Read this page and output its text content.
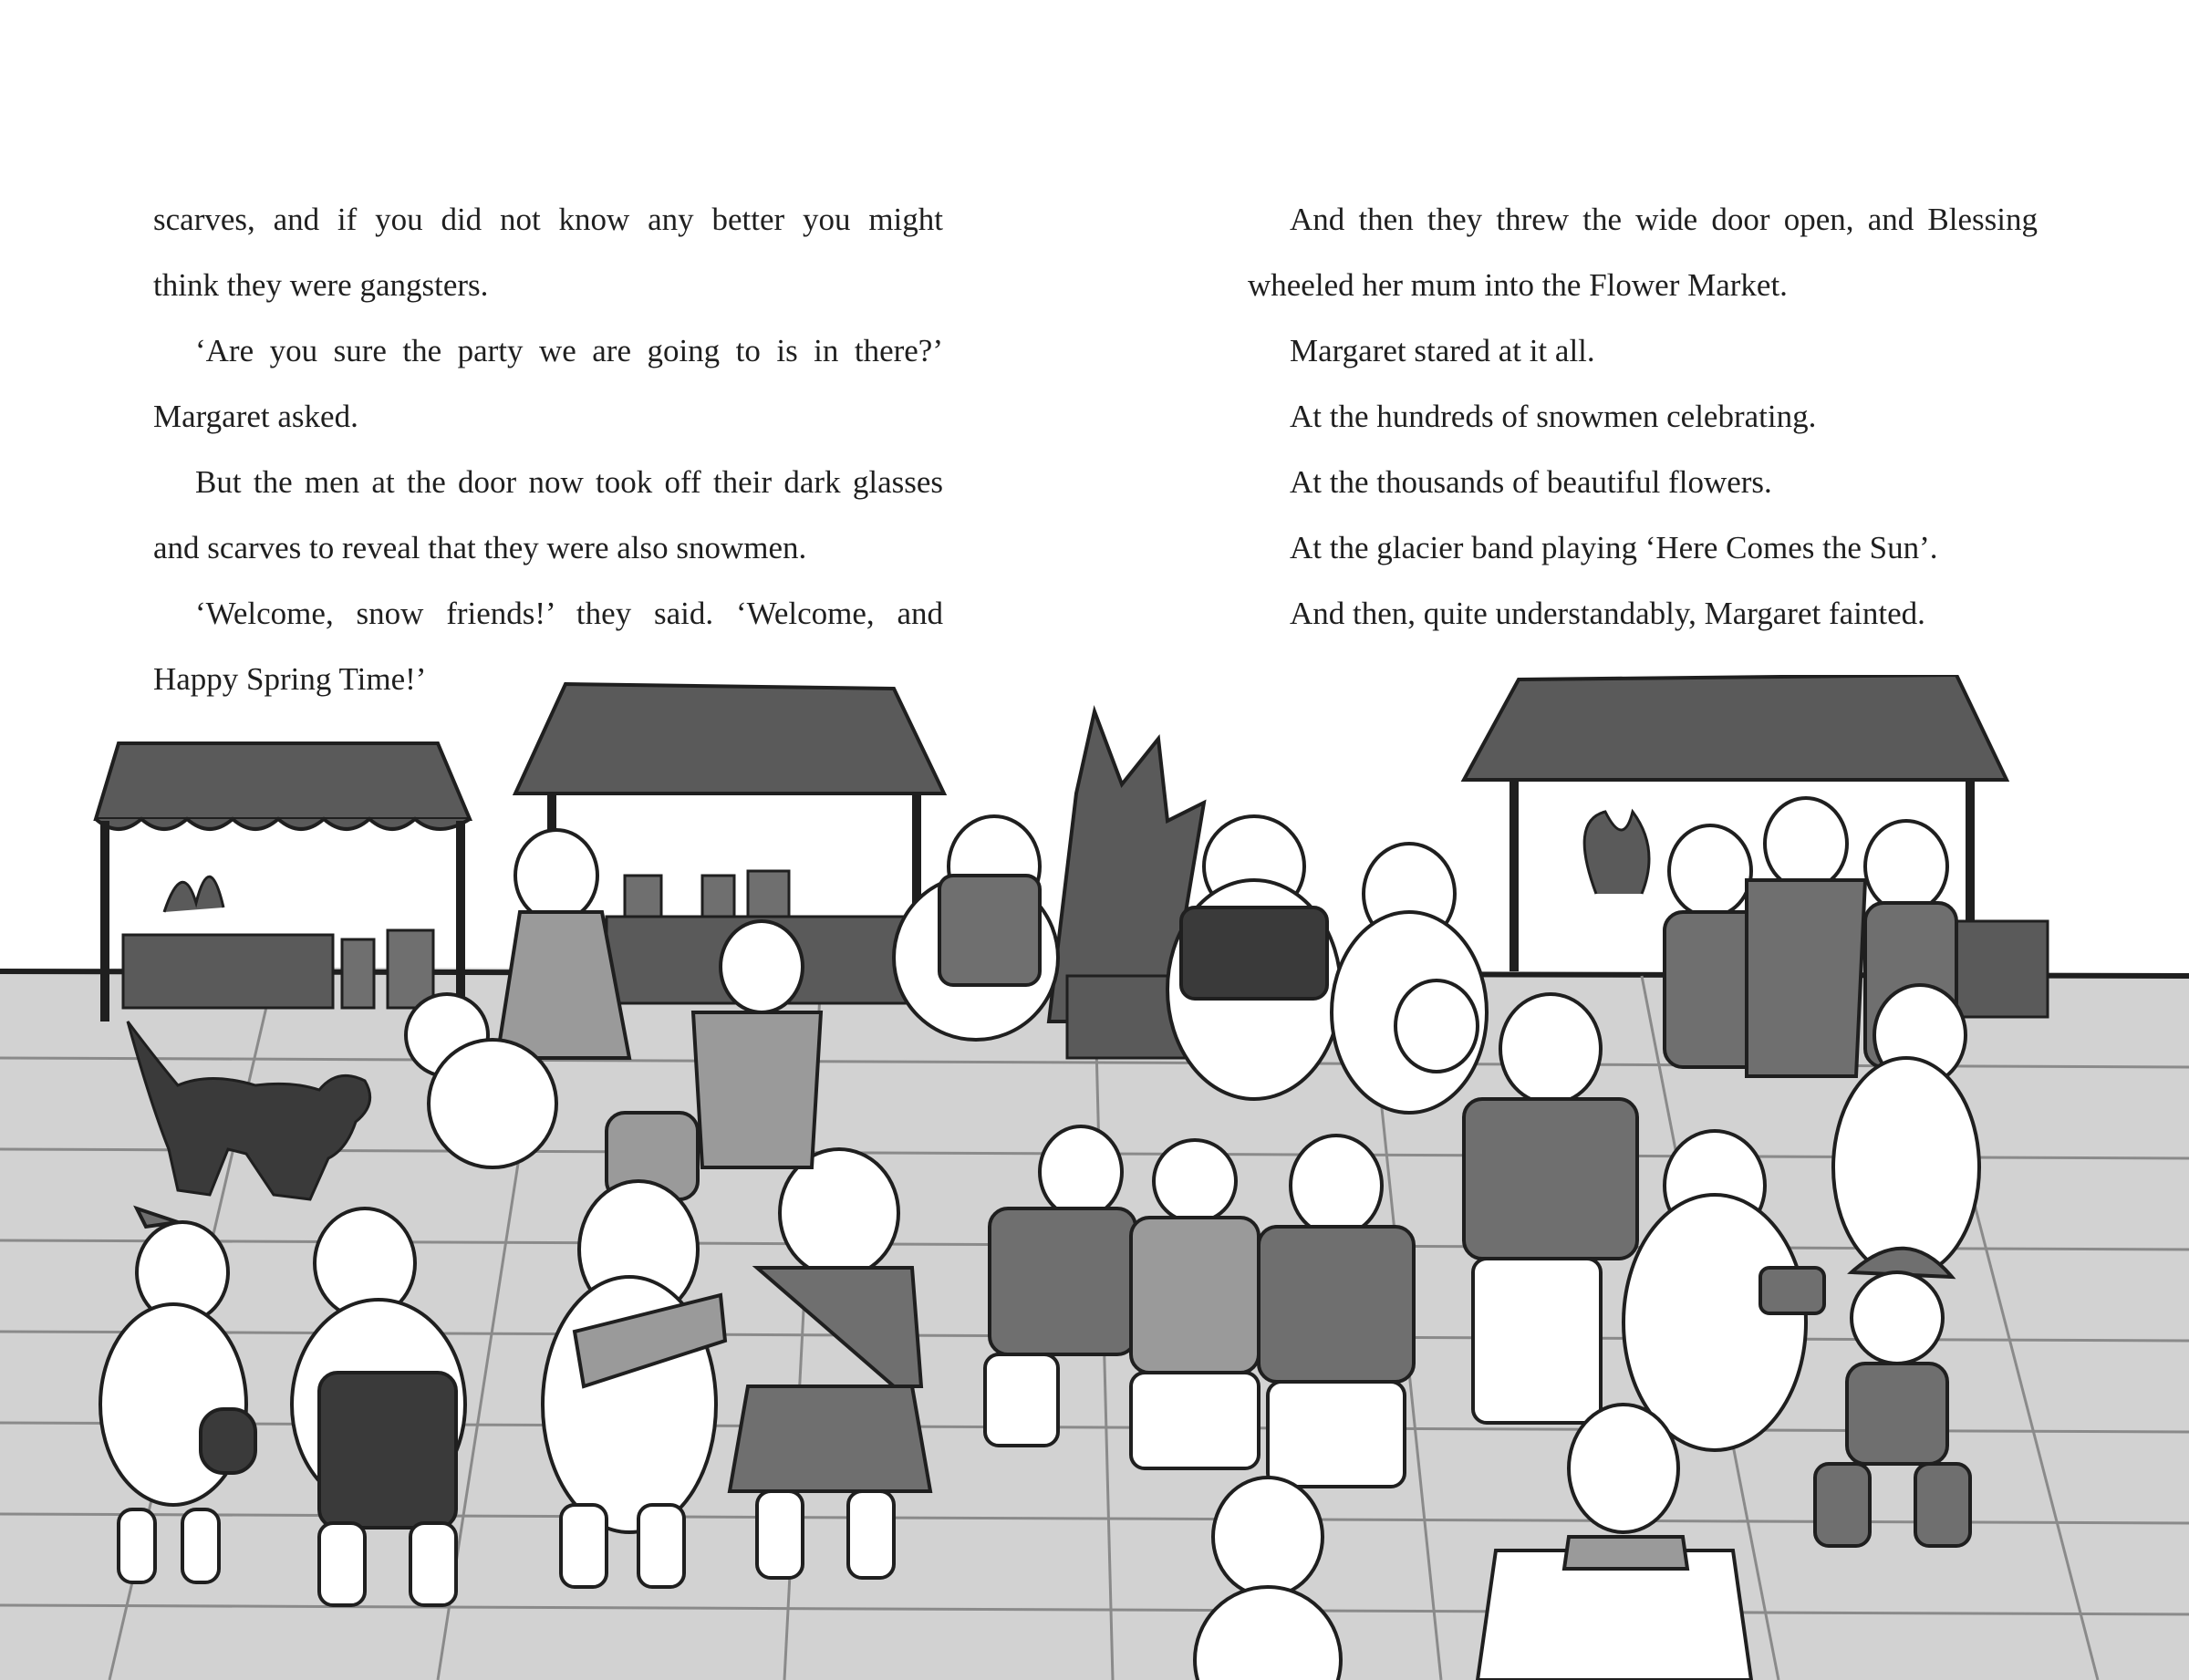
scarves, and if you did not know any better you might
think they were gangsters.

‘Are you sure the party we are going to is in there?’
Margaret asked.

But the men at the door now took off their dark glasses
and scarves to reveal that they were also snowmen.

‘Welcome, snow friends!’ they said. ‘Welcome, and
Happy Spring Time!’

And then they threw the wide door open, and Blessing
wheeled her mum into the Flower Market.

Margaret stared at it all.

At the hundreds of snowmen celebrating.

At the thousands of beautiful flowers.

At the glacier band playing ‘Here Comes the Sun’.

And then, quite understandably, Margaret fainted.
